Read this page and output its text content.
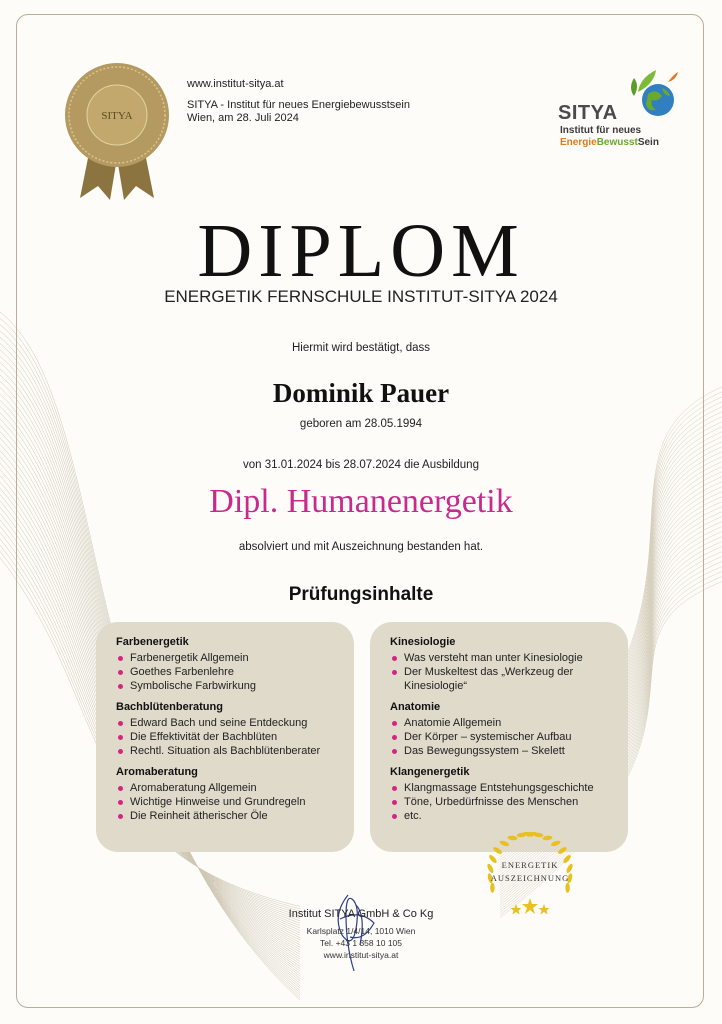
SITYA
www.institut-sitya.at
SITYA - Institut für neues Energiebewusstsein
Wien, am 28. Juli 2024	SITYA
Institut für neues
EnergieBewusstSein
DIPLOM
ENERGETIK FERNSCHULE INSTITUT-SITYA 2024
Hiermit wird bestätigt, dass
Dominik Pauer
geboren am 28.05.1994
von 31.01.2024 bis 28.07.2024 die Ausbildung
Dipl. Humanenergetik
absolviert und mit Auszeichnung bestanden hat.
Prüfungsinhalte
Farbenergetik
Farbenergetik Allgemein
Goethes Farbenlehre
Symbolische Farbwirkung
Bachblütenberatung
Edward Bach und seine Entdeckung
Die Effektivität der Bachblüten
Rechtl. Situation als Bachblütenberater
Aromaberatung
Aromaberatung Allgemein
Wichtige Hinweise und Grundregeln
Die Reinheit ätherischer Öle
Kinesiologie
Was versteht man unter Kinesiologie
Der Muskeltest das „Werkzeug der Kinesiologie“
Anatomie
Anatomie Allgemein
Der Körper – systemischer Aufbau
Das Bewegungssystem – Skelett
Klangenergetik
Klangmassage Entstehungsgeschichte
Töne, Urbedürfnisse des Menschen
etc.
ENERGETIK
AUSZEICHNUNG
Institut SITYA GmbH & Co Kg
Karlsplatz 1/4/14, 1010 Wien
Tel. +43 1 358 10 105
www.institut-sitya.at
